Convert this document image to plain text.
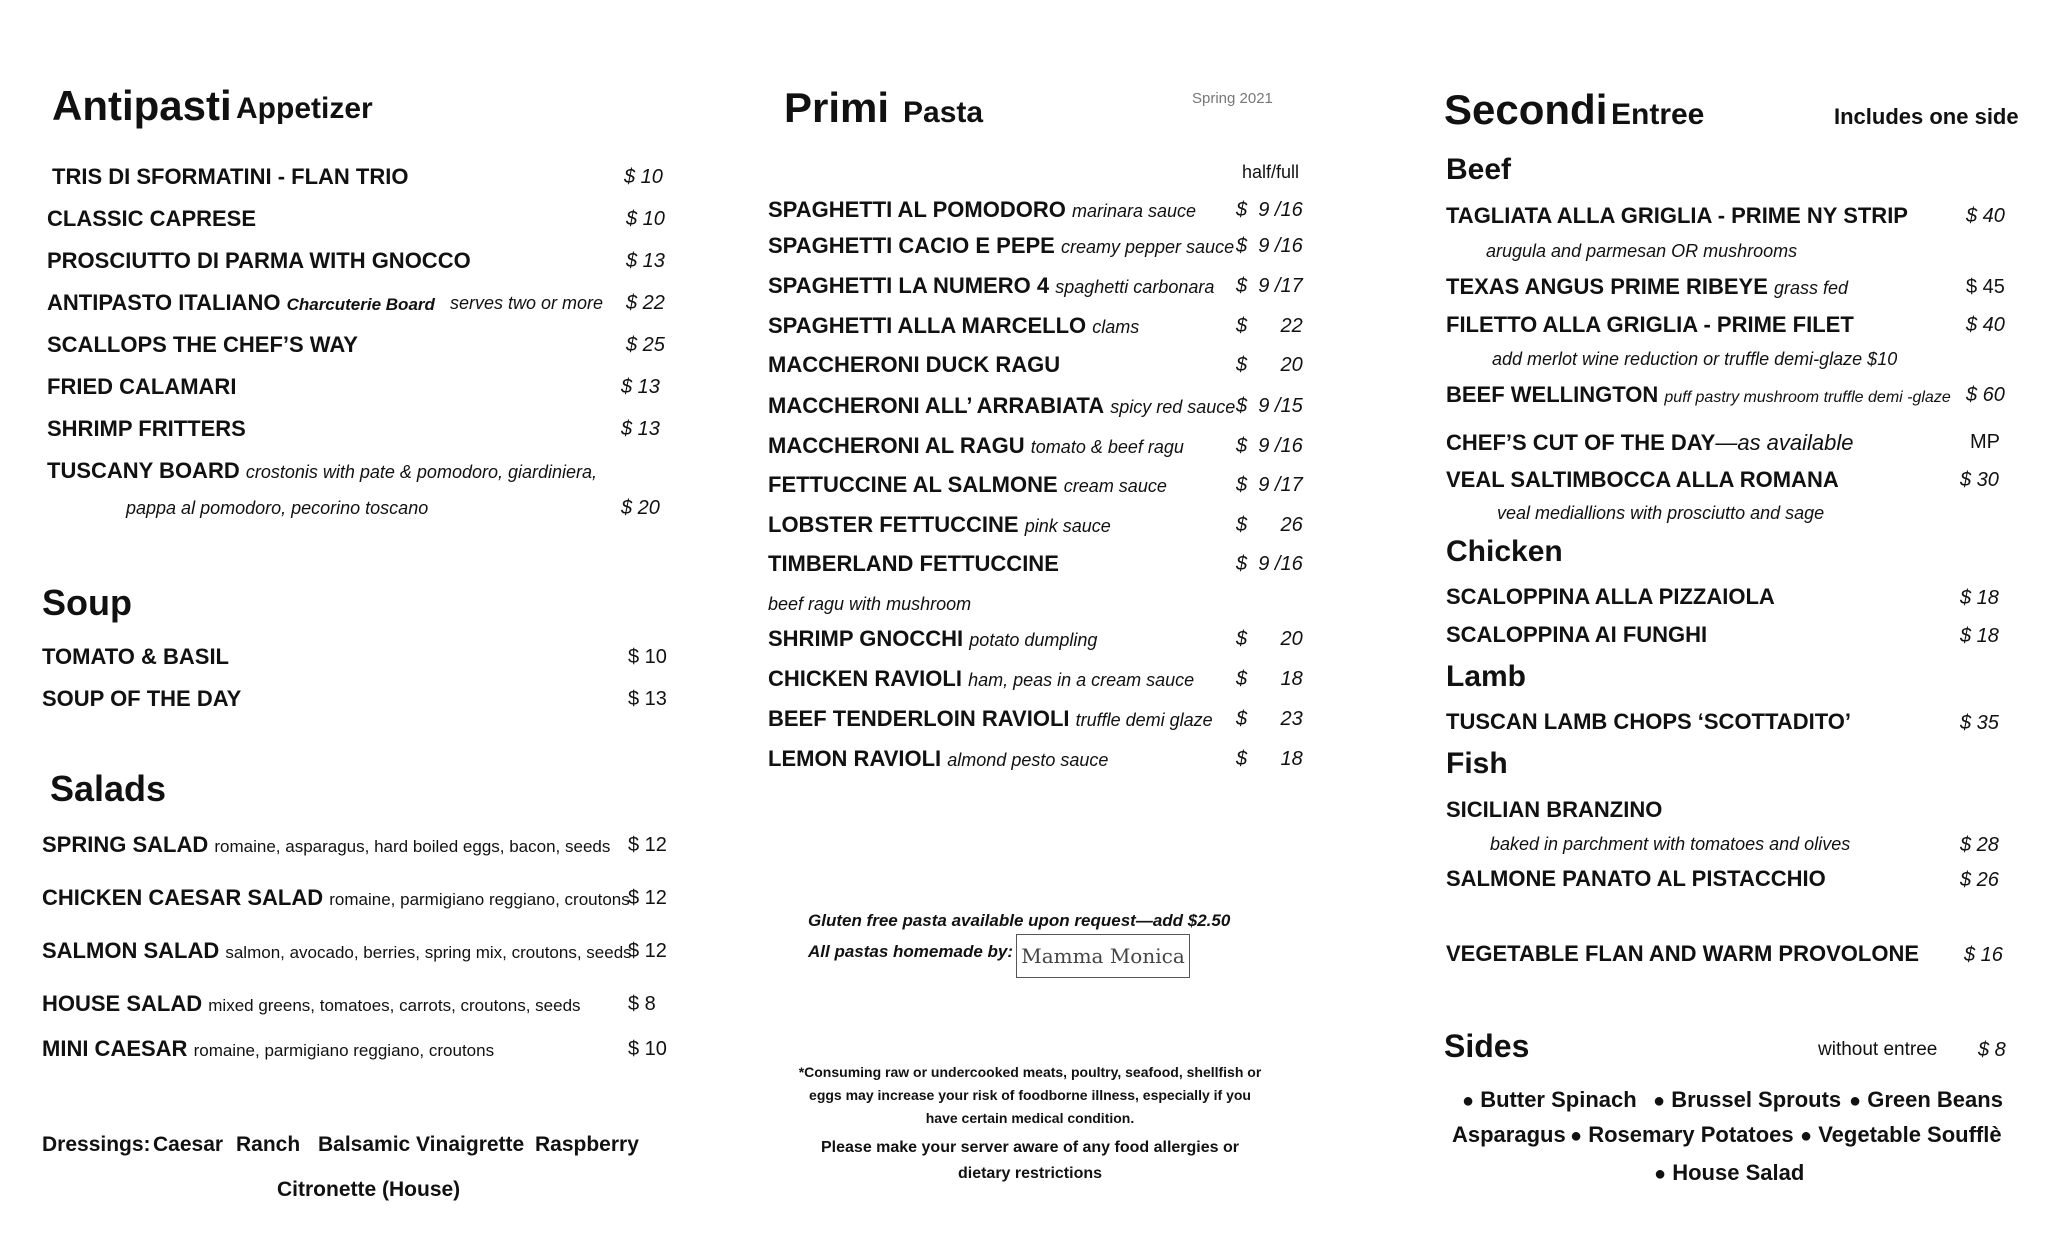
Antipasti Appetizer
TRIS DI SFORMATINI - FLAN TRIO	$ 10
CLASSIC CAPRESE	$ 10
PROSCIUTTO DI PARMA WITH GNOCCO	$ 13
ANTIPASTO ITALIANO Charcuterie Board serves two or more $ 22
SCALLOPS THE CHEF’S WAY	$ 25
FRIED CALAMARI	$ 13
SHRIMP FRITTERS	$ 13
TUSCANY BOARD crostonis with pate & pomodoro, giardiniera,
pappa al pomodoro, pecorino toscano	$ 20
Soup
TOMATO & BASIL	$ 10
SOUP OF THE DAY	$ 13
Salads
SPRING SALAD romaine, asparagus, hard boiled eggs, bacon, seeds $ 12
CHICKEN CAESAR SALAD romaine, parmigiano reggiano, croutons
$ 12
SALMON SALAD salmon, avocado, berries, spring mix, croutons, seeds
$ 12
HOUSE SALAD mixed greens, tomatoes, carrots, croutons, seeds $ 8
MINI CAESAR romaine, parmigiano reggiano, croutons	$ 10
Dressings: Caesar Ranch Balsamic Vinaigrette Raspberry
Citronette (House)
Primi Pasta	Spring 2021
half/full
SPAGHETTI AL POMODORO marinara sauce $  9 /16
SPAGHETTI CACIO E PEPE creamy pepper sauce $  9 /16
SPAGHETTI LA NUMERO 4 spaghetti carbonara $  9 /17
SPAGHETTI ALLA MARCELLO clams	$      22
MACCHERONI DUCK RAGU	$      20
MACCHERONI ALL’ ARRABIATA spicy red sauce $  9 /15
MACCHERONI AL RAGU tomato & beef ragu	$  9 /16
FETTUCCINE AL SALMONE cream sauce	$  9 /17
LOBSTER FETTUCCINE pink sauce	$      26
TIMBERLAND FETTUCCINE	$  9 /16
beef ragu with mushroom
SHRIMP GNOCCHI potato dumpling	$      20
CHICKEN RAVIOLI ham, peas in a cream sauce $      18
BEEF TENDERLOIN RAVIOLI truffle demi glaze $      23
LEMON RAVIOLI almond pesto sauce	$      18
Gluten free pasta available upon request—add $2.50
All pastas homemade by: Mamma Monica
*Consuming raw or undercooked meats, poultry, seafood, shellfish or
eggs may increase your risk of foodborne illness, especially if you
have certain medical condition.
Please make your server aware of any food allergies or
dietary restrictions
Secondi Entree	Includes one side
Beef
TAGLIATA ALLA GRIGLIA - PRIME NY STRIP	$ 40
arugula and parmesan OR mushrooms
TEXAS ANGUS PRIME RIBEYE grass fed	$ 45
FILETTO ALLA GRIGLIA - PRIME FILET	$ 40
add merlot wine reduction or truffle demi-glaze $10
BEEF WELLINGTON puff pastry mushroom truffle demi -glaze $ 60
CHEF’S CUT OF THE DAY—as available	MP
VEAL SALTIMBOCCA ALLA ROMANA	$ 30
veal mediallions with prosciutto and sage
Chicken
SCALOPPINA ALLA PIZZAIOLA	$ 18
SCALOPPINA AI FUNGHI	$ 18
Lamb
TUSCAN LAMB CHOPS ‘SCOTTADITO’	$ 35
Fish
SICILIAN BRANZINO
baked in parchment with tomatoes and olives	$ 28
SALMONE PANATO AL PISTACCHIO	$ 26
VEGETABLE FLAN AND WARM PROVOLONE $ 16
Sides	without entree $ 8
● Butter Spinach ● Brussel Sprouts ● Green Beans
Asparagus ● Rosemary Potatoes ● Vegetable Soufflè
● House Salad
